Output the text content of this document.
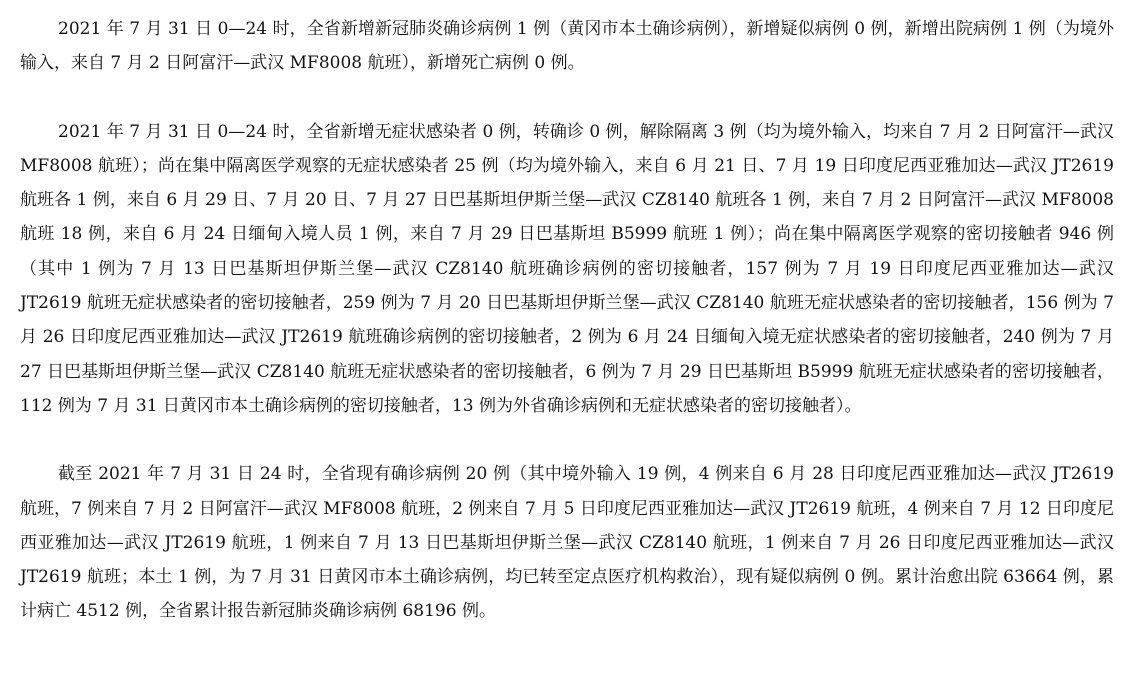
2021 年 7 月 31 日 0—24 时，全省新增新冠肺炎确诊病例 1 例（黄冈市本土确诊病例），新增疑似病例 0 例，新增出院病例 1 例（为境外输入，来自 7 月 2 日阿富汗—武汉 MF8008 航班），新增死亡病例 0 例。

2021 年 7 月 31 日 0—24 时，全省新增无症状感染者 0 例，转确诊 0 例，解除隔离 3 例（均为境外输入，均来自 7 月 2 日阿富汗—武汉 MF8008 航班）；尚在集中隔离医学观察的无症状感染者 25 例（均为境外输入，来自 6 月 21 日、7 月 19 日印度尼西亚雅加达—武汉 JT2619 航班各 1 例，来自 6 月 29 日、7 月 20 日、7 月 27 日巴基斯坦伊斯兰堡—武汉 CZ8140 航班各 1 例，来自 7 月 2 日阿富汗—武汉 MF8008 航班 18 例，来自 6 月 24 日缅甸入境人员 1 例，来自 7 月 29 日巴基斯坦 B5999 航班 1 例）；尚在集中隔离医学观察的密切接触者 946 例（其中 1 例为 7 月 13 日巴基斯坦伊斯兰堡—武汉 CZ8140 航班确诊病例的密切接触者，157 例为 7 月 19 日印度尼西亚雅加达—武汉 JT2619 航班无症状感染者的密切接触者，259 例为 7 月 20 日巴基斯坦伊斯兰堡—武汉 CZ8140 航班无症状感染者的密切接触者，156 例为 7 月 26 日印度尼西亚雅加达—武汉 JT2619 航班确诊病例的密切接触者，2 例为 6 月 24 日缅甸入境无症状感染者的密切接触者，240 例为 7 月 27 日巴基斯坦伊斯兰堡—武汉 CZ8140 航班无症状感染者的密切接触者，6 例为 7 月 29 日巴基斯坦 B5999 航班无症状感染者的密切接触者，112 例为 7 月 31 日黄冈市本土确诊病例的密切接触者，13 例为外省确诊病例和无症状感染者的密切接触者）。

截至 2021 年 7 月 31 日 24 时，全省现有确诊病例 20 例（其中境外输入 19 例，4 例来自 6 月 28 日印度尼西亚雅加达—武汉 JT2619 航班，7 例来自 7 月 2 日阿富汗—武汉 MF8008 航班，2 例来自 7 月 5 日印度尼西亚雅加达—武汉 JT2619 航班，4 例来自 7 月 12 日印度尼西亚雅加达—武汉 JT2619 航班，1 例来自 7 月 13 日巴基斯坦伊斯兰堡—武汉 CZ8140 航班，1 例来自 7 月 26 日印度尼西亚雅加达—武汉 JT2619 航班；本土 1 例，为 7 月 31 日黄冈市本土确诊病例，均已转至定点医疗机构救治），现有疑似病例 0 例。累计治愈出院 63664 例，累计病亡 4512 例，全省累计报告新冠肺炎确诊病例 68196 例。
